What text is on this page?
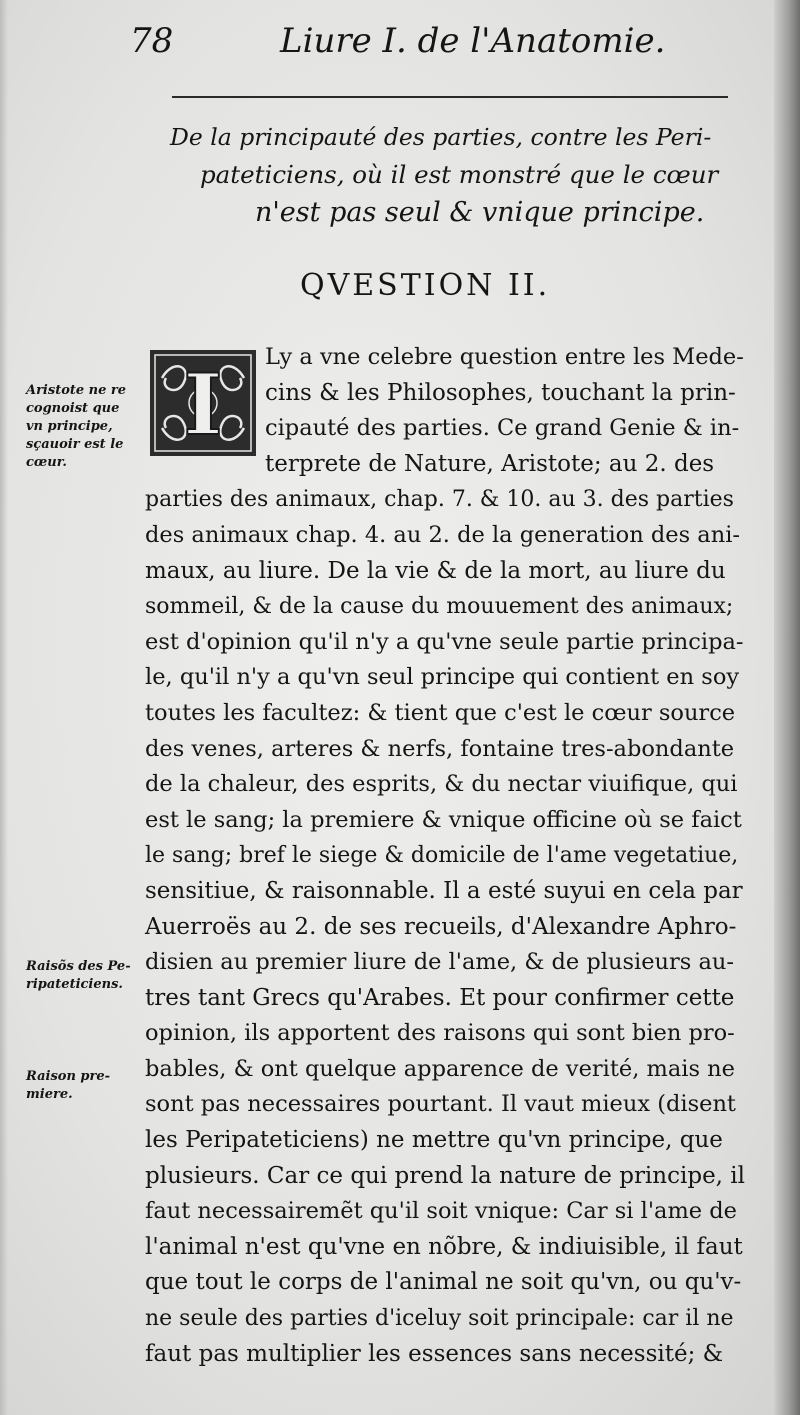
78	Liure I. de l'Anatomie.
De la principauté des parties, contre les Peri-
pateticiens, où il est monstré que le cœur
n'est pas seul & vnique principe.
QVESTION II.
I
Aristote ne re
cognoist que
vn principe,
sçauoir est le
cœur.
Raisõs des Pe-
ripateticiens.
Raison pre-
miere.
Ly a vne celebre question entre les Mede-
cins & les Philosophes, touchant la prin-
cipauté des parties. Ce grand Genie & in-
terprete de Nature, Aristote; au 2. des
parties des animaux, chap. 7. & 10. au 3. des parties
des animaux chap. 4. au 2. de la generation des ani-
maux, au liure. De la vie & de la mort, au liure du
sommeil, & de la cause du mouuement des animaux;
est d'opinion qu'il n'y a qu'vne seule partie principa-
le, qu'il n'y a qu'vn seul principe qui contient en soy
toutes les facultez: & tient que c'est le cœur source
des venes, arteres & nerfs, fontaine tres-abondante
de la chaleur, des esprits, & du nectar viuifique, qui
est le sang; la premiere & vnique officine où se faict
le sang; bref le siege & domicile de l'ame vegetatiue,
sensitiue, & raisonnable. Il a esté suyui en cela par
Auerroës au 2. de ses recueils, d'Alexandre Aphro-
disien au premier liure de l'ame, & de plusieurs au-
tres tant Grecs qu'Arabes. Et pour confirmer cette
opinion, ils apportent des raisons qui sont bien pro-
bables, & ont quelque apparence de verité, mais ne
sont pas necessaires pourtant. Il vaut mieux (disent
les Peripateticiens) ne mettre qu'vn principe, que
plusieurs. Car ce qui prend la nature de principe, il
faut necessairemẽt qu'il soit vnique: Car si l'ame de
l'animal n'est qu'vne en nõbre, & indiuisible, il faut
que tout le corps de l'animal ne soit qu'vn, ou qu'v-
ne seule des parties d'iceluy soit principale: car il ne
faut pas multiplier les essences sans necessité; &
